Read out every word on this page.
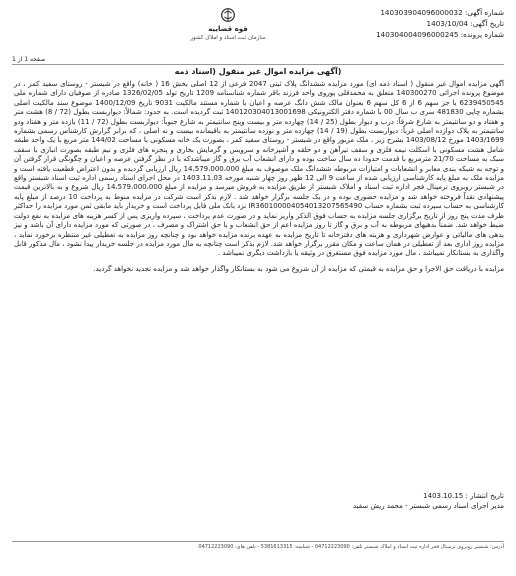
شماره آگهی: 140303904096000032
تاریخ آگهی: 1403/10/04
شماره پرونده: 140304004096000245
قوه قضاییه
سازمان ثبت اسناد و املاک کشور
صفحه 1 از 1
(آگهی مزایده اموال غیر منقول (اسناد ذمه

آگهی مزایده اموال غیر منقول ( اسناد ذمه ای) مورد مزایده ششدانگ پلاک ثبتی 2047 فرعی از 12 اصلی بخش 16 ( خانه) واقع در شبستر - روستای سفید کمر ، در موضوع پرونده اجرائی 140300270 متعلق به محمدقلی پوروی واحد فرزند باقر شماره شناسنامه 1209 تاریخ تولد 1326/02/05 صادره از صوفیان دارای شماره ملی 6239450545 با جز سهم 6 از 6 کل سهم 6 بعنوان مالک شش دانگ عرصه و اعیان با شماره مستند مالکیت 9031 تاریخ 1400/12/09 موضوع سند مالکیت اصلی بشماره چاپی 481830 سری ب سال 00 با شماره دفتر الکترونیکی 140120304013001698 ثبت گردیده است. به حدود: شمالاً: دیواربست بطول (72 / 8) هشت متر و هفتاد و دو سانتیمتر به شارع شرقاً: درب و دیوار بطول (25 / 14) چهارده متر و بیست وپنج سانتیمتر به شارع جنوباً: دیواربست بطول (72 / 11) یازده متر و هفتاد ودو سانتیمتر به پلاک دوازده اصلی غرباً: دیواربست بطول (19 / 14) چهارده متر و نوزده سانتیمتر به باقیمانده بیست و نه اصلی ، که برابر گزارش کارشناس رسمی بشماره 1403/1699 مورخ 1403/08/12 بشرح زیر ، ملک مزبور واقع در شبستر - روستای سفید کمر ، بصورت یک خانه مسکونی با مساحت 144/02 متر مربع با یک واحد طبقه شامل هشت مسکونی با اسکلت نیمه فلزی و سقف تیرآهن و دو حلقه و آشپزخانه و سرویس و گرمایش بخاری و پنجره های فلزی و نیم طبقه بصورت انباری با سقف سبک به مساحت 21/70 مترمربع با قدمت حدودا ده سال ساخت بوده و دارای انشعاب آب برق و گاز میباشدکه با در نظر گرفتن عرصه و اعیان و چگونگی قرار گرفتن آن و توجه به شبکه بندی معابر و انشعابات و امتیازات مربوطه ششدانگ ملک موصوف به مبلغ 14،579،000،000 ریال ارزیابی گردیده و بدون اعتراض قطعیت یافته است و مزایده ملک به مبلغ پایه کارشناسی ارزیابی شده از ساعت 9 الی 12 ظهر روز چهار شنبه مورخه 1403.11.03 در محل اجرای اسناد رسمی اداره ثبت اسناد شبستر واقع در شبستر روبروی ترمینال فجر اداره ثبت اسناد و املاک شبستر از طریق مزایده به فروش میرسد و مزایده از مبلغ 14،579،000،000 ریال شروع و به بالاترین قیمت پیشنهادی نقداً فروخته خواهد شد و مزایده حضوری بوده و در یک جلسه برگزار خواهد شد . لازم بذکر است شرکت در مزایده منوط به پرداخت 10 درصد از مبلغ پایه کارشناسی به حساب سپرده ثبت بشماره حساب IR360100004054013207565490 نزد بانک ملی قابل پرداخت است و خریدار باید مابقی ثمن مورد مزایده را حداکثر ظرف مدت پنج روز از تاریخ برگزاری جلسه مزایده به حساب فوق الذکر واریز نماید و در صورت عدم پرداخت ، سپرده واریزی پس از کسر هزینه های مزایده به نفع دولت ضبط خواهد شد. ضمناً بدهیهای مربوطه به آب و برق و گاز تا روز مزایده اعم از حق انشعاب و یا حق اشتراک و مصرف ، در صورتی که مورد مزایده دارای آن باشد و نیز بدهی های مالیاتی و عوارض شهرداری و هزینه های دفترخانه تا تاریخ مزایده به عهده برنده مزایده خواهد بود و چنانچه روز مزایده به تعطیلی غیر منتظره برخورد نماید ، مزایده روز اداری بعد از تعطیلی در همان ساعت و مکان مقرر برگزار خواهد شد. لازم بذکر است چنانچه به مال مورد مزایده در جلسه خریدار پیدا نشود ، مال مذکور قابل واگذاری به بستانکار نمیباشد ، مال مورد مزایده فوق مستغرق در وثیقه یا بازداشت دیگری نمیباشد .

مزایده با دریافت حق الاجرا و حق مزایده به قیمتی که مزایده از آن شروع می شود به بستانکار واگذار خواهد شد و مزایده تجدید نخواهد گردید.

تاریخ انتشار : 1403.10.15
مدیر اجرای اسناد رسمی شبستر - محمد ریش سفید
آدرس: شبستر روبروی ترمینال فجر اداره ثبت اسناد و املاک شبستر تلفن: 04712223090 - شناسه: 5381613315 - تلفن های: 04712223090
